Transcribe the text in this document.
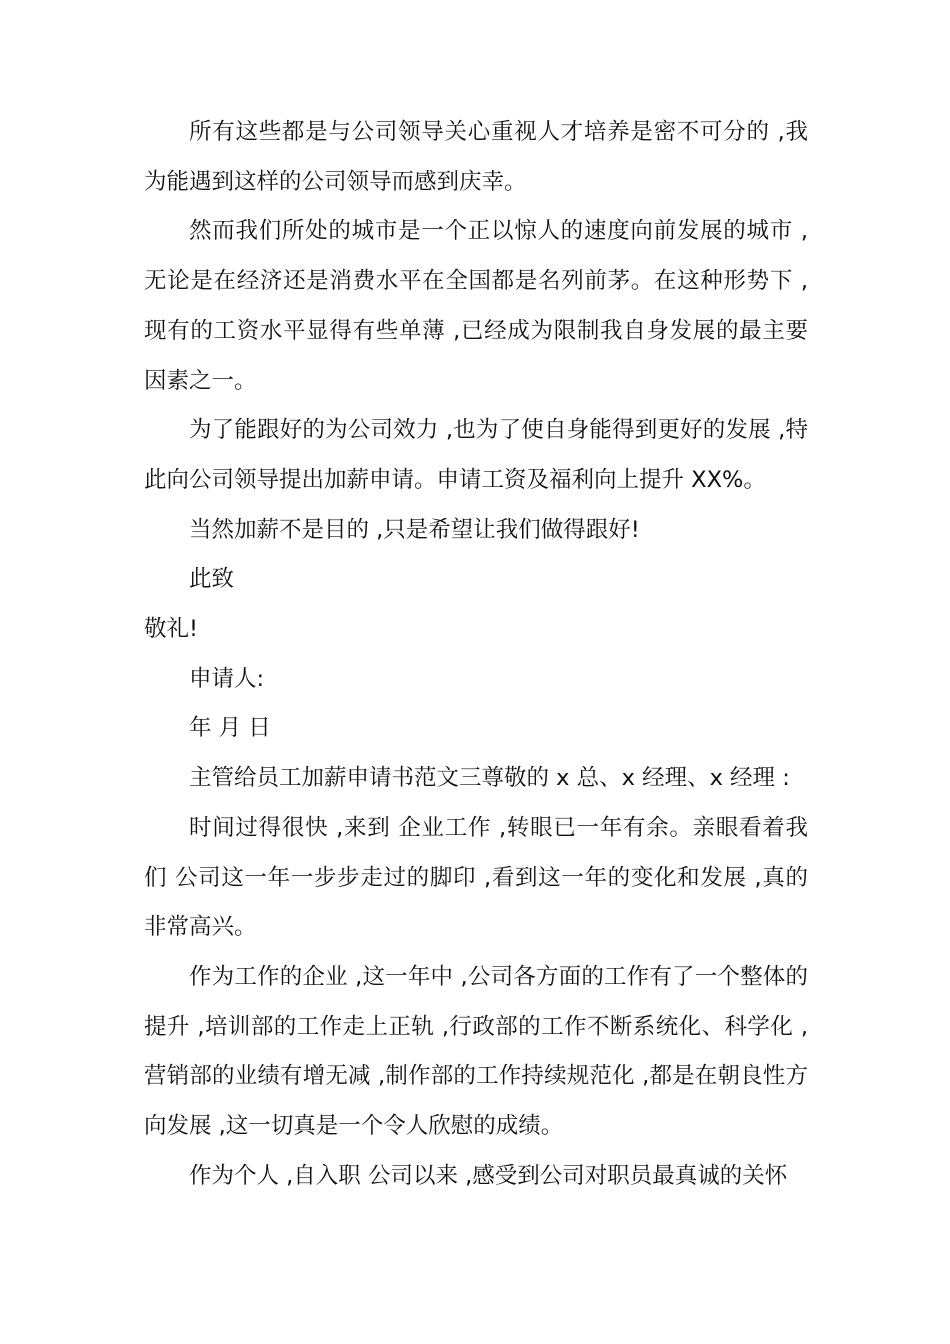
所有这些都是与公司领导关心重视人才培养是密不可分的 ,我为能遇到这样的公司领导而感到庆幸。

然而我们所处的城市是一个正以惊人的速度向前发展的城市 ,无论是在经济还是消费水平在全国都是名列前茅。在这种形势下 ,现有的工资水平显得有些单薄 ,已经成为限制我自身发展的最主要因素之一。

为了能跟好的为公司效力 ,也为了使自身能得到更好的发展 ,特此向公司领导提出加薪申请。申请工资及福利向上提升 XX%。

当然加薪不是目的 ,只是希望让我们做得跟好!

此致

敬礼!

申请人:

年 月 日

主管给员工加薪申请书范文三尊敬的 x 总、x 经理、x 经理 :

时间过得很快 ,来到 企业工作 ,转眼已一年有余。亲眼看着我们 公司这一年一步步走过的脚印 ,看到这一年的变化和发展 ,真的非常高兴。

作为工作的企业 ,这一年中 ,公司各方面的工作有了一个整体的提升 ,培训部的工作走上正轨 ,行政部的工作不断系统化、科学化 ,营销部的业绩有增无减 ,制作部的工作持续规范化 ,都是在朝良性方向发展 ,这一切真是一个令人欣慰的成绩。

作为个人 ,自入职 公司以来 ,感受到公司对职员最真诚的关怀
